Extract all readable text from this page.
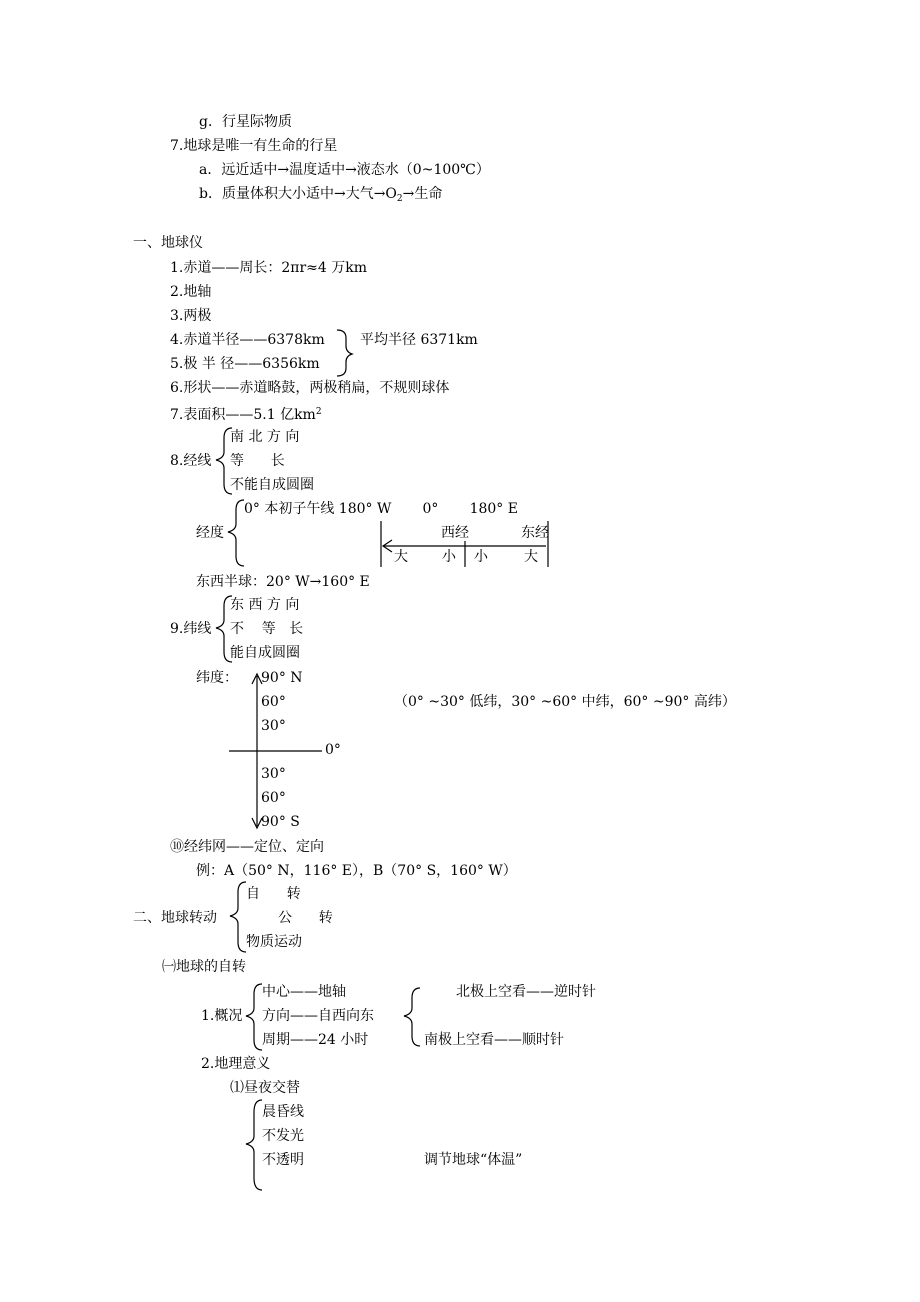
g．行星际物质
7.地球是唯一有生命的行星
a．远近适中→温度适中→液态水（0~100℃）
b．质量体积大小适中→大气$\to O_2\to$生命
一、地球仪
1.赤道——周长：2πr≈4 万km
2.地轴
3.两极
4.赤道半径——6378km
5.极 半 径——6356km
平均半径 6371km
6.形状——赤道略鼓，两极稍扁，不规则球体
7.表面积——5.1 亿$km^2$
8.经线
南 北 方 向
等      长
不能自成圆圈
经度
0° 本初子午线 180° W       0°       180° E
西经	东经
大 小 小	大
东西半球：20° W→160° E
9.纬线
东 西 方 向
不    等   长
能自成圆圈
纬度： 90° N
60°
30°
0°
30°
60°
90° S
（0° ~30° 低纬，30° ~60° 中纬，60° ~90° 高纬）
⑩经纬网——定位、定向
例：A（50° N，116° E），B（70° S，160° W）
二、地球转动
自      转
公      转
物质运动
㈠地球的自转
1.概况
中心——地轴
方向——自西向东
周期——24 小时
北极上空看——逆时针
南极上空看——顺时针
2.地理意义
⑴昼夜交替
晨昏线
不发光
不透明	调节地球“体温”
